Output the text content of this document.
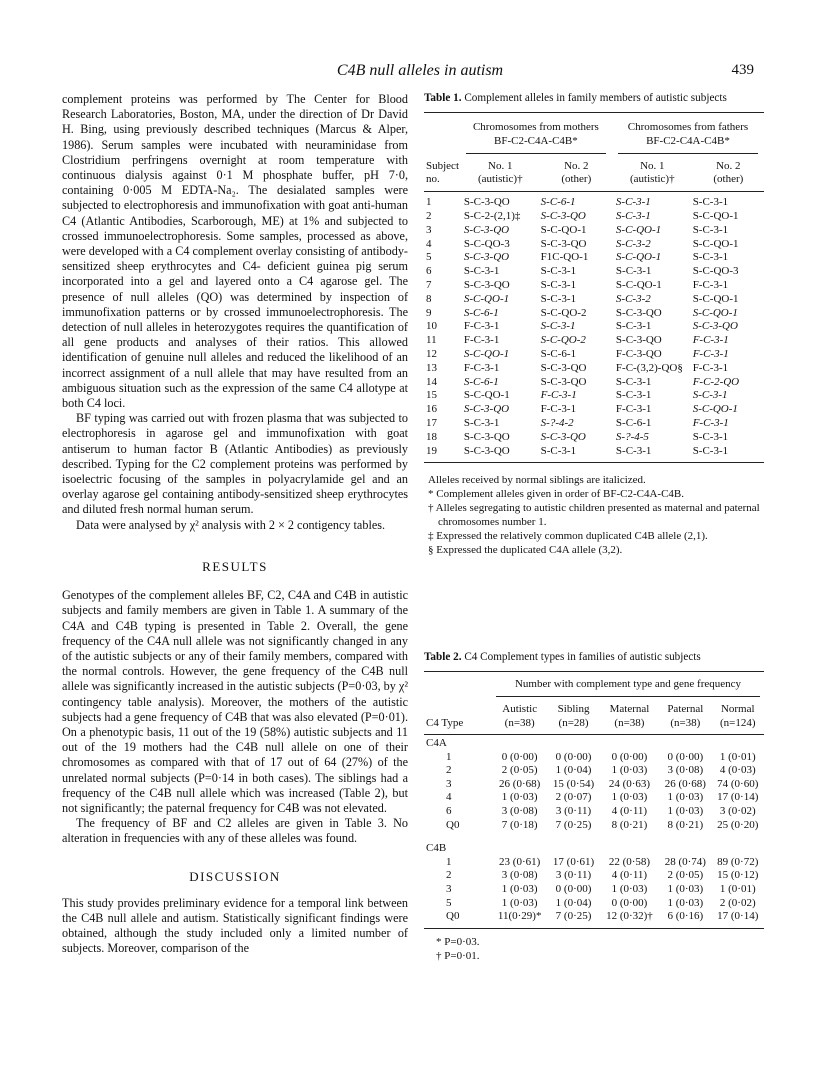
C4B null alleles in autism	439

complement proteins was performed by The Center for Blood Research Laboratories, Boston, MA, under the direction of Dr David H. Bing, using previously described techniques (Marcus & Alper, 1986). Serum samples were incubated with neuraminidase from Clostridium perfringens overnight at room temperature with continuous dialysis against 0·1 M phosphate buffer, pH 7·0, containing 0·005 M EDTA-Na₂. The desialated samples were subjected to electrophoresis and immunofixation with goat anti-human C4 (Atlantic Antibodies, Scarborough, ME) at 1% and subjected to crossed immunoelectrophoresis. Some samples, processed as above, were developed with a C4 complement overlay consisting of antibody-sensitized sheep erythrocytes and C4- deficient guinea pig serum incorporated into a gel and layered onto a C4 agarose gel. The presence of null alleles (QO) was determined by inspection of immunofixation patterns or by crossed immunoelectrophoresis. The detection of null alleles in heterozygotes requires the quantification of all gene products and analyses of their ratios. This allowed identification of genuine null alleles and reduced the likelihood of an incorrect assignment of a null allele that may have resulted from an ambiguous situation such as the expression of the same C4 allotype at both C4 loci.

BF typing was carried out with frozen plasma that was subjected to electrophoresis in agarose gel and immunofixation with goat antiserum to human factor B (Atlantic Antibodies) as previously described. Typing for the C2 complement proteins was performed by isoelectric focusing of the samples in polyacrylamide gel and an overlay agarose gel containing antibody-sensitized sheep erythrocytes and diluted fresh normal human serum.

Data were analysed by χ² analysis with 2 × 2 contigency tables.

RESULTS

Genotypes of the complement alleles BF, C2, C4A and C4B in autistic subjects and family members are given in Table 1. A summary of the C4A and C4B typing is presented in Table 2. Overall, the gene frequency of the C4A null allele was not significantly changed in any of the autistic subjects or any of their family members, compared with the normal controls. However, the gene frequency of the C4B null allele was significantly increased in the autistic subjects (P=0·03, by χ² contingency table analysis). Moreover, the mothers of the autistic subjects had a gene frequency of C4B that was also elevated (P=0·01). On a phenotypic basis, 11 out of the 19 (58%) autistic subjects and 11 out of the 19 mothers had the C4B null allele on one of their chromosomes as compared with that of 17 out of 64 (27%) of the unrelated normal subjects (P=0·14 in both cases). The siblings had a frequency of the C4B null allele which was increased (Table 2), but not significantly; the paternal frequency for C4B was not elevated.

The frequency of BF and C2 alleles are given in Table 3. No alteration in frequencies with any of these alleles was found.

DISCUSSION

This study provides preliminary evidence for a temporal link between the C4B null allele and autism. Statistically significant findings were obtained, although the study included only a limited number of subjects. Moreover, comparison of the

Table 1. Complement alleles in family members of autistic subjects

	Chromosomes from mothers		Chromosomes from fathers	
	BF-C2-C4A-C4B*		BF-C2-C4A-C4B*	

Subject	No. 1	No. 2	No. 1	No. 2
no.	(autistic)†	(other)	(autistic)†	(other)

1	S-C-3-QO	S-C-6-1	S-C-3-1	S-C-3-1
2	S-C-2-(2,1)‡	S-C-3-QO	S-C-3-1	S-C-QO-1
3	S-C-3-QO	S-C-QO-1	S-C-QO-1	S-C-3-1
4	S-C-QO-3	S-C-3-QO	S-C-3-2	S-C-QO-1
5	S-C-3-QO	F1C-QO-1	S-C-QO-1	S-C-3-1
6	S-C-3-1	S-C-3-1	S-C-3-1	S-C-QO-3
7	S-C-3-QO	S-C-3-1	S-C-QO-1	F-C-3-1
8	S-C-QO-1	S-C-3-1	S-C-3-2	S-C-QO-1
9	S-C-6-1	S-C-QO-2	S-C-3-QO	S-C-QO-1
10	F-C-3-1	S-C-3-1	S-C-3-1	S-C-3-QO
11	F-C-3-1	S-C-QO-2	S-C-3-QO	F-C-3-1
12	S-C-QO-1	S-C-6-1	F-C-3-QO	F-C-3-1
13	F-C-3-1	S-C-3-QO	F-C-(3,2)-QO§	F-C-3-1
14	S-C-6-1	S-C-3-QO	S-C-3-1	F-C-2-QO
15	S-C-QO-1	F-C-3-1	S-C-3-1	S-C-3-1
16	S-C-3-QO	F-C-3-1	F-C-3-1	S-C-QO-1
17	S-C-3-1	S-?-4-2	S-C-6-1	F-C-3-1
18	S-C-3-QO	S-C-3-QO	S-?-4-5	S-C-3-1
19	S-C-3-QO	S-C-3-1	S-C-3-1	S-C-3-1

Alleles received by normal siblings are italicized.
* Complement alleles given in order of BF-C2-C4A-C4B.
† Alleles segregating to autistic children presented as maternal and paternal chromosomes number 1.
‡ Expressed the relatively common duplicated C4B allele (2,1).
§ Expressed the duplicated C4A allele (3,2).
Table 2. C4 Complement types in families of autistic subjects

	Number with complement type and gene frequency				

	Autistic	Sibling	Maternal	Paternal	Normal
C4 Type	(n=38)	(n=28)	(n=38)	(n=38)	(n=124)

C4A					
1	0 (0·00)	0 (0·00)	0 (0·00)	0 (0·00)	1 (0·01)
2	2 (0·05)	1 (0·04)	1 (0·03)	3 (0·08)	4 (0·03)
3	26 (0·68)	15 (0·54)	24 (0·63)	26 (0·68)	74 (0·60)
4	1 (0·03)	2 (0·07)	1 (0·03)	1 (0·03)	17 (0·14)
6	3 (0·08)	3 (0·11)	4 (0·11)	1 (0·03)	3 (0·02)
Q0	7 (0·18)	7 (0·25)	8 (0·21)	8 (0·21)	25 (0·20)
C4B					
1	23 (0·61)	17 (0·61)	22 (0·58)	28 (0·74)	89 (0·72)
2	3 (0·08)	3 (0·11)	4 (0·11)	2 (0·05)	15 (0·12)
3	1 (0·03)	0 (0·00)	1 (0·03)	1 (0·03)	1 (0·01)
5	1 (0·03)	1 (0·04)	0 (0·00)	1 (0·03)	2 (0·02)
Q0	11(0·29)*	7 (0·25)	12 (0·32)†	6 (0·16)	17 (0·14)

* P=0·03.
† P=0·01.
